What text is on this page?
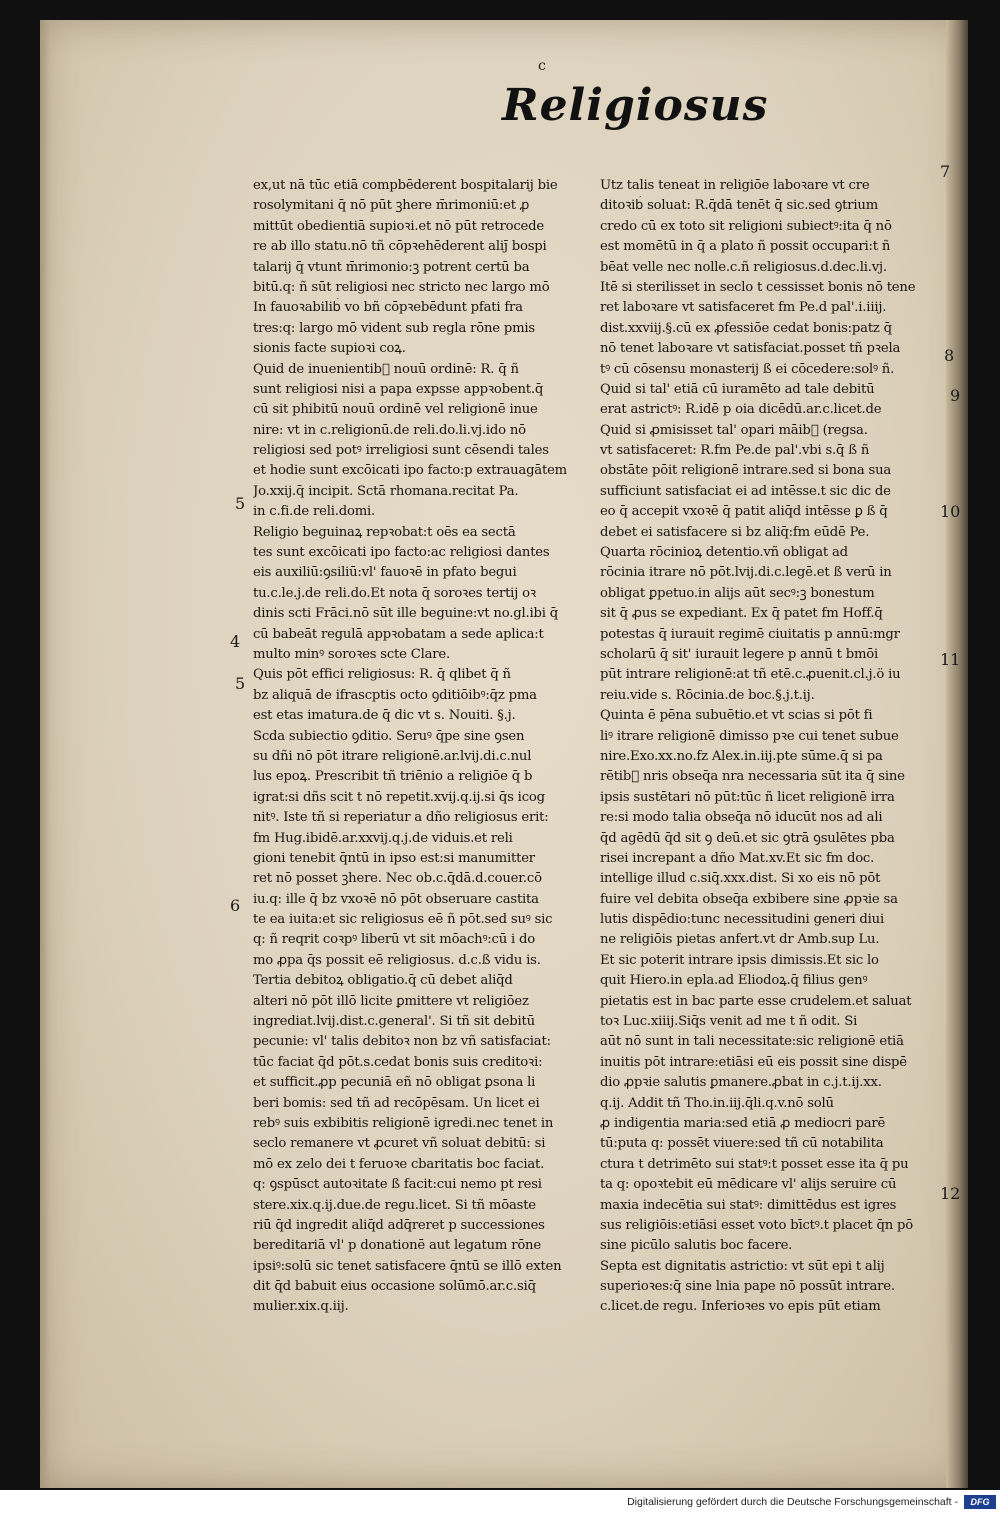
c
Religiosus
ex,ut nā tūc etiā compbēderent bospitalarij bie
rosolymitani q̄ nō pūt ꝫhere m̄rimoniū:et ꝓ
mittūt obedientiā supioꝛi.et nō pūt retrocede
re ab illo statu.nō tñ cōpꝛehēderent aliȷ̄ bospi
talarij q̄ vtunt m̄rimonio:ꝫ potrent certū ba
bitū.q: ñ sūt religiosi nec stricto nec largo mō
In fauoꝛabilib᷒ vo bñ cōpꝛebēdunt pfati fra
tres:q: largo mō vident sub regla rōne pmis
sionis facte supioꝛi coꝝ.
Quid de inuenientib᷒ nouū ordinē: R. q̄ ñ
sunt religiosi nisi a papa expsse appꝛobent.q̄
cū sit phibitū nouū ordinē vel religionē inue
nire: vt in c.religionū.de reli.do.li.vj.ido nō
religiosi sed potꝰ irreligiosi sunt cēsendi tales
et hodie sunt excōicati ipo facto:p extrauagātem
Jo.xxij.q̄ incipit. Sctā rhomana.recitat Pa.
in c.fi.de reli.domi.
Religio beguinaꝝ repꝛobat:t oēs ea sectā
tes sunt excōicati ipo facto:ac religiosi dantes
eis auxiliū:ꝯsiliū:vl' fauoꝛē in pfato begui
tu.c.le.j.de reli.do.Et nota q̄ soroꝛes tertij oꝛ
dinis scti Frāci.nō sūt ille beguine:vt no.gl.ibi q̄
cū babeāt regulā appꝛobatam a sede aplica:t
multo minꝰ soroꝛes scte Clare.
Quis pōt effici religiosus: R. q̄ qlibet q̄ ñ
bz aliquā de ifrascptis octo ꝯditiōibꝰ:q̄z pma
est etas imatura.de q̄ dic vt s. Nouiti. §.j.
Scda subiectio ꝯditio. Seruꝰ q̄pe sine ꝯsen
su dñi nō pōt itrare religionē.ar.lvij.di.c.nul
lus epoꝝ. Prescribit tñ triēnio a religiōe q̄ b
igrat:si dñs scit t nō repetit.xvij.q.ij.si q̄s icog
nitꝰ. Iste tñ si reperiatur a dño religiosus erit:
fm Hug.ibidē.ar.xxvij.q.j.de viduis.et reli
gioni tenebit q̄ntū in ipso est:si manumitter
ret nō posset ꝫhere. Nec ob.c.q̄dā.d.couer.cō
iu.q: ille q̄ bz vxoꝛē nō pōt obseruare castita
te ea iuita:et sic religiosus eē ñ pōt.sed suꝰ sic
q: ñ reqrit coꝛpꝰ liberū vt sit mōachꝰ:cū i do
mo ꝓpa q̄s possit eē religiosus. d.c.ß vidu is.
Tertia debitoꝝ obligatio.q̄ cū debet aliq̄d
alteri nō pōt illō licite ꝑmittere vt religiōez
ingrediat.lvij.dist.c.general'. Si tñ sit debitū
pecunie: vl' talis debitoꝛ non bz vñ satisfaciat:
tūc faciat q̄d pōt.s.cedat bonis suis creditoꝛi:
et sufficit.ꝓp pecuniā eñ nō obligat ꝑsona li
beri bomis: sed tñ ad recōpēsam. Un licet ei
rebꝰ suis exbibitis religionē igredi.nec tenet in
seclo remanere vt ꝓcuret vñ soluat debitū: si
mō ex zelo dei t feruoꝛe cbaritatis boc faciat.
q: ꝯspūsct autoꝛitate ß facit:cui nemo pt resi
stere.xix.q.ij.due.de regu.licet. Si tñ mōaste
riū q̄d ingredit aliq̄d adq̄reret p successiones
bereditariā vl' p donationē aut legatum rōne
ipsiꝰ:solū sic tenet satisfacere q̄ntū se illō exten
dit q̄d babuit eius occasione solūmō.ar.c.siq̄
mulier.xix.q.iij.
Utz talis teneat in religiōe laboꝛare vt cre
ditoꝛib᷒ soluat: R.q̄dā tenēt q̄ sic.sed ꝯtrium
credo cū ex toto sit religioni subiectꝰ:ita q̄ nō
est momētū in q̄ a plato ñ possit occupari:t ñ
bēat velle nec nolle.c.ñ religiosus.d.dec.li.vj.
Itē si sterilisset in seclo t cessisset bonis nō tene
ret laboꝛare vt satisfaceret fm Pe.d pal'.i.iiij.
dist.xxviij.§.cū ex ꝓfessiōe cedat bonis:patz q̄
nō tenet laboꝛare vt satisfaciat.posset tñ pꝛela
tꝰ cū cōsensu monasterij ß ei cōcedere:solꝰ ñ.
Quid si tal' etiā cū iuramēto ad tale debitū
erat astrictꝰ: R.idē p oia dicēdū.ar.c.licet.de
Quid si ꝓmisisset tal' opari māib᷒ (regsa.
vt satisfaceret: R.fm Pe.de pal'.vbi s.q̄ ß ñ
obstāte pōit religionē intrare.sed si bona sua
sufficiunt satisfaciat ei ad intēsse.t sic dic de
eo q̄ accepit vxoꝛē q̄ patit aliq̄d intēsse ꝑ ß q̄
debet ei satisfacere si bz aliq̄:fm eūdē Pe.
Quarta rōcinioꝝ detentio.vñ obligat ad
rōcinia itrare nō pōt.lvij.di.c.legē.et ß verū in
obligat ꝑpetuo.in alijs aūt secꝰ:ꝫ bonestum
sit q̄ ꝓus se expediant. Ex q̄ patet fm Hoff.q̄
potestas q̄ iurauit regimē ciuitatis p annū:mgr
scholarū q̄ sit' iurauit legere p annū t bmōi
pūt intrare religionē:at tñ etē.c.ꝓuenit.cl.j.ö iu
reiu.vide s. Rōcinia.de boc.§.j.t.ij.
Quinta ē pēna subuētio.et vt scias si pōt fi
liꝰ itrare religionē dimisso pꝛe cui tenet subue
nire.Exo.xx.no.fz Alex.in.iij.pte sūme.q̄ si pa
rētib᷒ nris obseq̄a nra necessaria sūt ita q̄ sine
ipsis sustētari nō pūt:tūc ñ licet religionē irra
re:si modo talia obseq̄a nō iducūt nos ad ali
q̄d agēdū q̄d sit ꝯ deū.et sic ꝯtrā ꝯsulētes pba
risei increpant a dño Mat.xv.Et sic fm doc.
intellige illud c.siq̄.xxx.dist. Si xo eis nō pōt
fuire vel debita obseq̄a exbibere sine ꝓpꝛie sa
lutis dispēdio:tunc necessitudini generi diui
ne religiōis pietas anfert.vt dr Amb.sup Lu.
Et sic poterit intrare ipsis dimissis.Et sic lo
quit Hiero.in epla.ad Eliodoꝝ.q̄ filius genꝰ
pietatis est in bac parte esse crudelem.et saluat
toꝛ Luc.xiiij.Siq̄s venit ad me t ñ odit. Si
aūt nō sunt in tali necessitate:sic religionē etiā
inuitis pōt intrare:etiāsi eū eis possit sine dispē
dio ꝓpꝛie salutis ꝑmanere.ꝓbat in c.j.t.ij.xx.
q.ij. Addit tñ Tho.in.iij.q̄li.q.v.nō solū
ꝓ indigentia maria:sed etiā ꝓ mediocri parē
tū:puta q: possēt viuere:sed tñ cū notabilita
ctura t detrimēto sui statꝰ:t posset esse ita q̄ pu
ta q: opoꝛtebit eū mēdicare vl' alijs seruire cū
maxia indecētia sui statꝰ: dimittēdus est igres
sus religiōis:etiāsi esset voto bīctꝰ.t placet q̄n pō
sine picūlo salutis boc facere.
Septa est dignitatis astrictio: vt sūt epi t alij
superioꝛes:q̄ sine lnia pape nō possūt intrare.
c.licet.de regu. Inferioꝛes vo epis pūt etiam
5
4
5
6
7
8
9
10
11
12
Digitalisierung gefördert durch die Deutsche Forschungsgemeinschaft -	DFG
